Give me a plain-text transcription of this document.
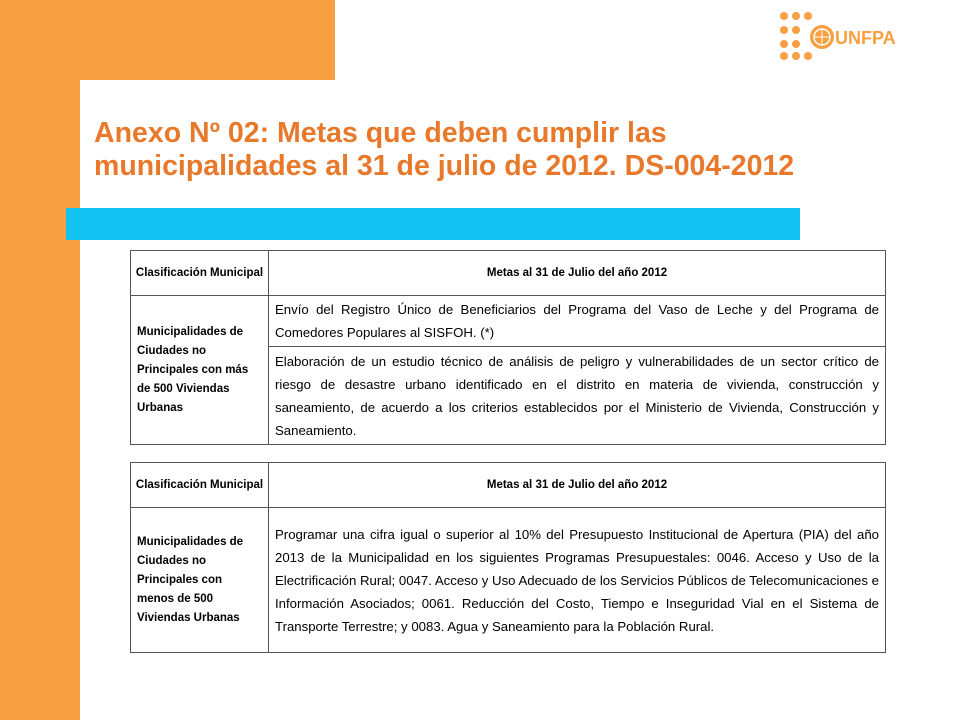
UNFPA
Anexo Nº 02: Metas que deben cumplir las
municipalidades al 31 de julio de 2012. DS-004-2012
Clasificación Municipal	Metas al 31 de Julio del año 2012
Municipalidades de Ciudades no Principales con más de 500 Viviendas Urbanas	Envío del Registro Único de Beneficiarios del Programa del Vaso de Leche y del Programa de Comedores Populares al SISFOH. (*)
	Elaboración de un estudio técnico de análisis de peligro y vulnerabilidades de un sector crítico de riesgo de desastre urbano identificado en el distrito en materia de vivienda, construcción y saneamiento, de acuerdo a los criterios establecidos por el Ministerio de Vivienda, Construcción y Saneamiento.
Clasificación Municipal	Metas al 31 de Julio del año 2012
Municipalidades de Ciudades no Principales con menos de 500 Viviendas Urbanas	Programar una cifra igual o superior al 10% del Presupuesto Institucional de Apertura (PIA) del año 2013 de la Municipalidad en los siguientes Programas Presupuestales: 0046. Acceso y Uso de la Electrificación Rural; 0047. Acceso y Uso Adecuado de los Servicios Públicos de Telecomunicaciones e Información Asociados; 0061. Reducción del Costo, Tiempo e Inseguridad Vial en el Sistema de Transporte Terrestre; y 0083. Agua y Saneamiento para la Población Rural.
